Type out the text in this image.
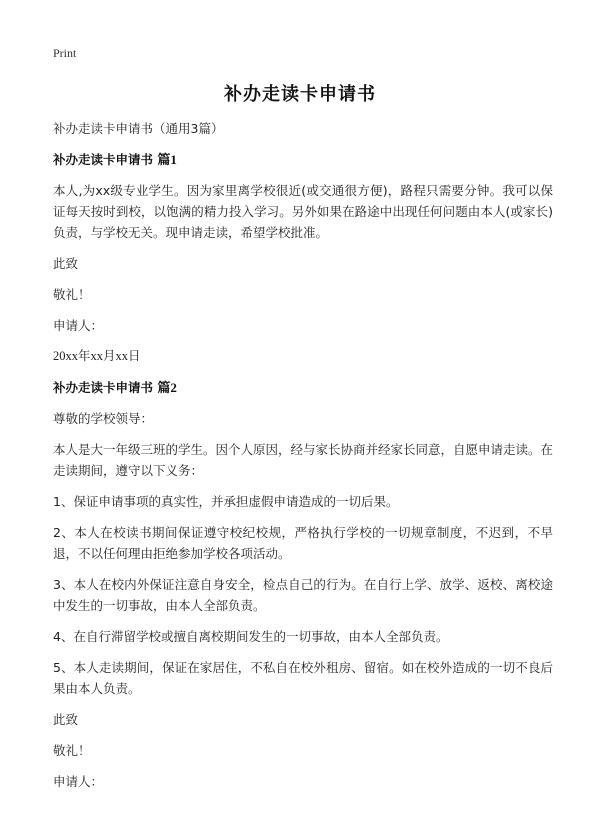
Print
补办走读卡申请书

补办走读卡申请书（通用3篇）

补办走读卡申请书 篇1

本人,为xx级专业学生。因为家里离学校很近(或交通很方便)，路程只需要分钟。我可以保证每天按时到校，以饱满的精力投入学习。另外如果在路途中出现任何问题由本人(或家长)负责，与学校无关。现申请走读，希望学校批准。

此致

敬礼！

申请人：

20xx年xx月xx日

补办走读卡申请书 篇2

尊敬的学校领导：

本人是大一年级三班的学生。因个人原因，经与家长协商并经家长同意，自愿申请走读。在走读期间，遵守以下义务：

1、保证申请事项的真实性，并承担虚假申请造成的一切后果。

2、本人在校读书期间保证遵守校纪校规，严格执行学校的一切规章制度，不迟到，不早退，不以任何理由拒绝参加学校各项活动。

3、本人在校内外保证注意自身安全，检点自己的行为。在自行上学、放学、返校、离校途中发生的一切事故，由本人全部负责。

4、在自行滞留学校或擅自离校期间发生的一切事故，由本人全部负责。

5、本人走读期间，保证在家居住，不私自在校外租房、留宿。如在校外造成的一切不良后果由本人负责。

此致

敬礼！

申请人：
